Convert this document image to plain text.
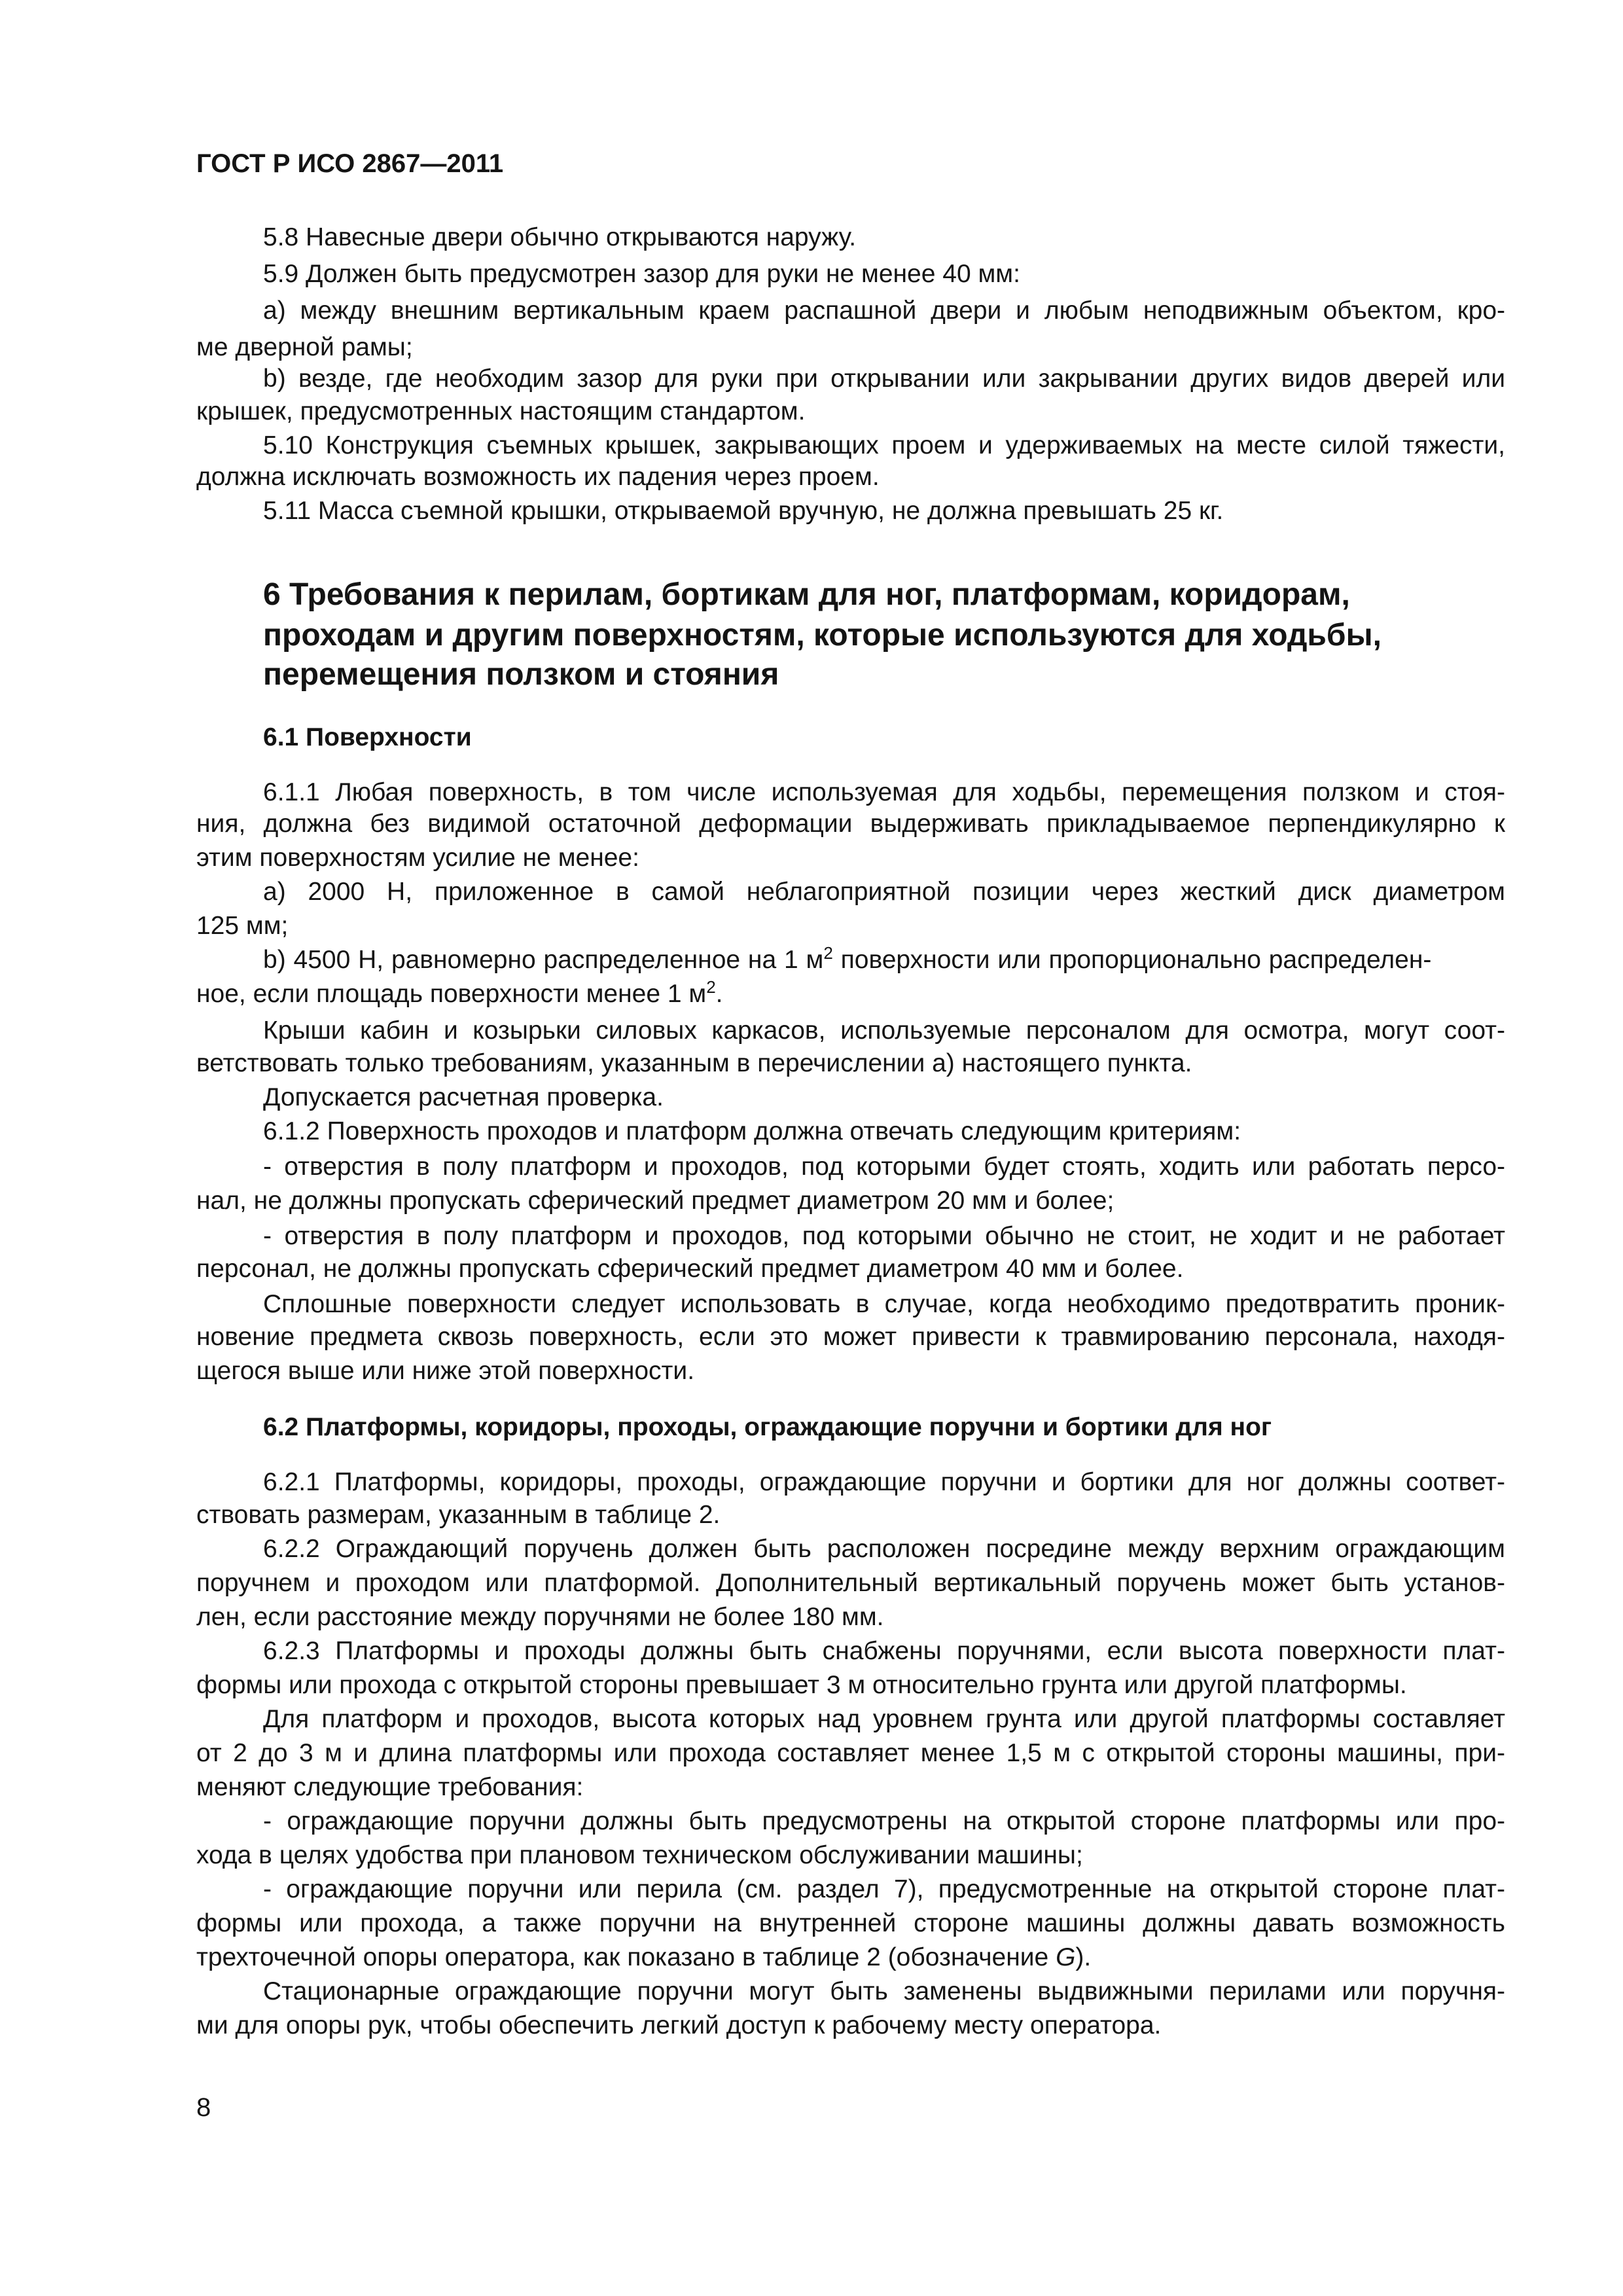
ГОСТ Р ИСО 2867—2011
5.8 Навесные двери обычно открываются наружу.
5.9 Должен быть предусмотрен зазор для руки не менее 40 мм:
а) между внешним вертикальным краем распашной двери и любым неподвижным объектом, кро-
ме дверной рамы;
b) везде, где необходим зазор для руки при открывании или закрывании других видов дверей или
крышек, предусмотренных настоящим стандартом.
5.10 Конструкция съемных крышек, закрывающих проем и удерживаемых на месте силой тяжести,
должна исключать возможность их падения через проем.
5.11 Масса съемной крышки, открываемой вручную, не должна превышать 25 кг.
6 Требования к перилам, бортикам для ног, платформам, коридорам,
проходам и другим поверхностям, которые используются для ходьбы,
перемещения ползком и стояния
6.1 Поверхности
6.1.1 Любая поверхность, в том числе используемая для ходьбы, перемещения ползком и стоя-
ния, должна без видимой остаточной деформации выдерживать прикладываемое перпендикулярно к
этим поверхностям усилие не менее:
а) 2000 Н, приложенное в самой неблагоприятной позиции через жесткий диск диаметром
125 мм;
b) 4500 Н, равномерно распределенное на 1 $м^2$ поверхности или пропорционально распределен-
ное, если площадь поверхности менее 1 $м^2$.
Крыши кабин и козырьки силовых каркасов, используемые персоналом для осмотра, могут соот-
ветствовать только требованиям, указанным в перечислении а) настоящего пункта.
Допускается расчетная проверка.
6.1.2 Поверхность проходов и платформ должна отвечать следующим критериям:
- отверстия в полу платформ и проходов, под которыми будет стоять, ходить или работать персо-
нал, не должны пропускать сферический предмет диаметром 20 мм и более;
- отверстия в полу платформ и проходов, под которыми обычно не стоит, не ходит и не работает
персонал, не должны пропускать сферический предмет диаметром 40 мм и более.
Сплошные поверхности следует использовать в случае, когда необходимо предотвратить проник-
новение предмета сквозь поверхность, если это может привести к травмированию персонала, находя-
щегося выше или ниже этой поверхности.
6.2 Платформы, коридоры, проходы, ограждающие поручни и бортики для ног
6.2.1 Платформы, коридоры, проходы, ограждающие поручни и бортики для ног должны соответ-
ствовать размерам, указанным в таблице 2.
6.2.2 Ограждающий поручень должен быть расположен посредине между верхним ограждающим
поручнем и проходом или платформой. Дополнительный вертикальный поручень может быть установ-
лен, если расстояние между поручнями не более 180 мм.
6.2.3 Платформы и проходы должны быть снабжены поручнями, если высота поверхности плат-
формы или прохода с открытой стороны превышает 3 м относительно грунта или другой платформы.
Для платформ и проходов, высота которых над уровнем грунта или другой платформы составляет
от 2 до 3 м и длина платформы или прохода составляет менее 1,5 м с открытой стороны машины, при-
меняют следующие требования:
- ограждающие поручни должны быть предусмотрены на открытой стороне платформы или про-
хода в целях удобства при плановом техническом обслуживании машины;
- ограждающие поручни или перила (см. раздел 7), предусмотренные на открытой стороне плат-
формы или прохода, а также поручни на внутренней стороне машины должны давать возможность
трехточечной опоры оператора, как показано в таблице 2 (обозначение G).
Стационарные ограждающие поручни могут быть заменены выдвижными перилами или поручня-
ми для опоры рук, чтобы обеспечить легкий доступ к рабочему месту оператора.
8
